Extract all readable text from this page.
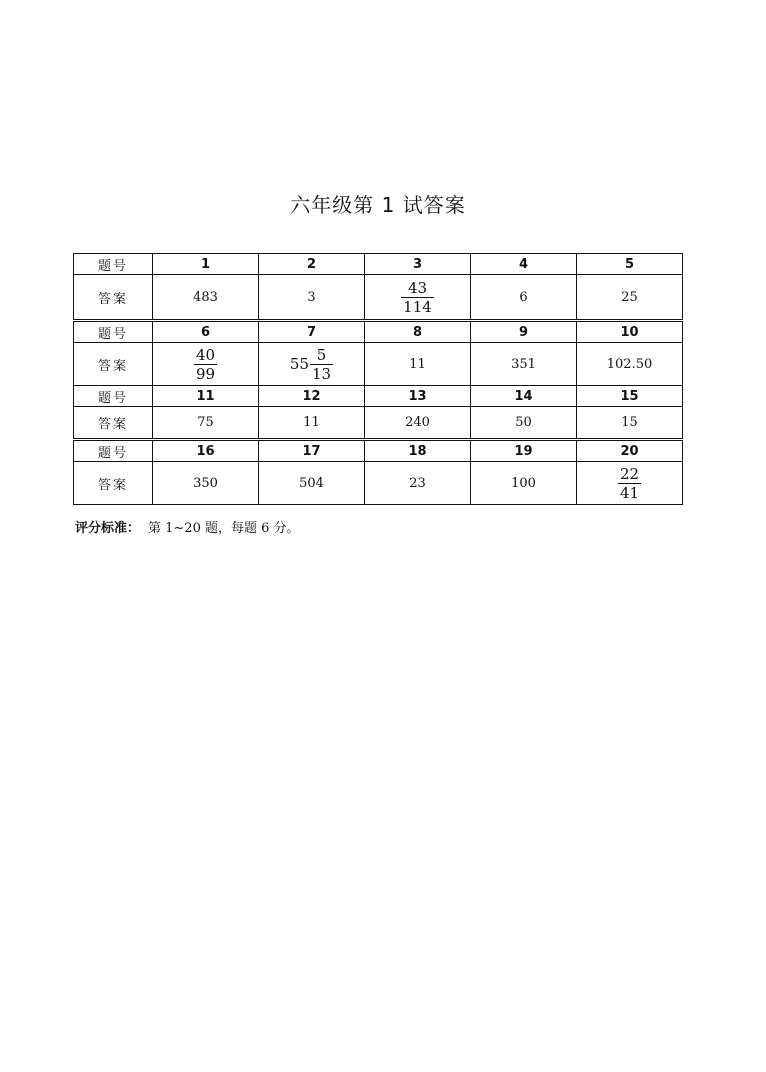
六年级第 1 试答案
题号	1	2	3	4	5
答案	483	3	$\frac{43}{114}$	6	25
题号	6	7	8	9	10
答案	$\frac{40}{99}$	$55 \frac{5}{13}$	11	351	102.50
题号	11	12	13	14	15
答案	75	11	240	50	15
题号	16	17	18	19	20
答案	350	504	23	100	$\frac{22}{41}$
评分标准： 第 1~20 题，每题 6 分。
